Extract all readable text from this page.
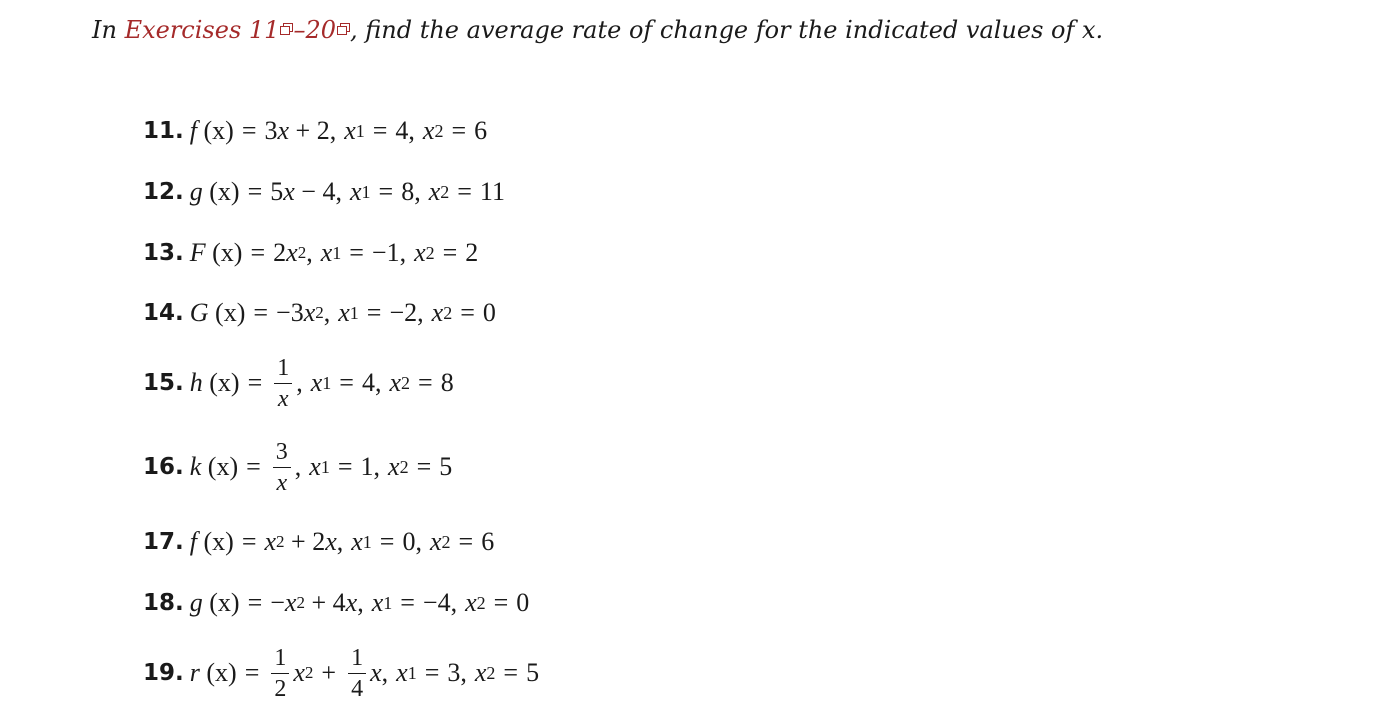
In Exercises 11 –20 , find the average rate of change for the indicated values of x.
11. f
(x) = 3 x
+ 2 , x 1 = 4 , x 2 = 6
12. g
(x) = 5 x
− 4 , x 1 = 8 , x 2 = 11
13. F
(x) = 2 x 2 , x 1 = −1 , x 2 = 2
14. G
(x) = −3 x 2 , x 1 = −2 , x 2 = 0
15. h
$(x) = \frac{1}{x}$ , x 1 = 4 , x 2 = 8
16. k
$(x) = \frac{3}{x}$ , x 1 = 1 , x 2 = 5
17. f
(x) = x 2
+ 2 x , x 1 = 0 , x 2 = 6
18. g
(x) = − x 2
+ 4 x , x 1 = −4 , x 2 = 0
19. r
$(x) = \frac{1}{2}$ x $2 + \frac{1}{4}$ x , x 1 = 3 , x 2 = 5
